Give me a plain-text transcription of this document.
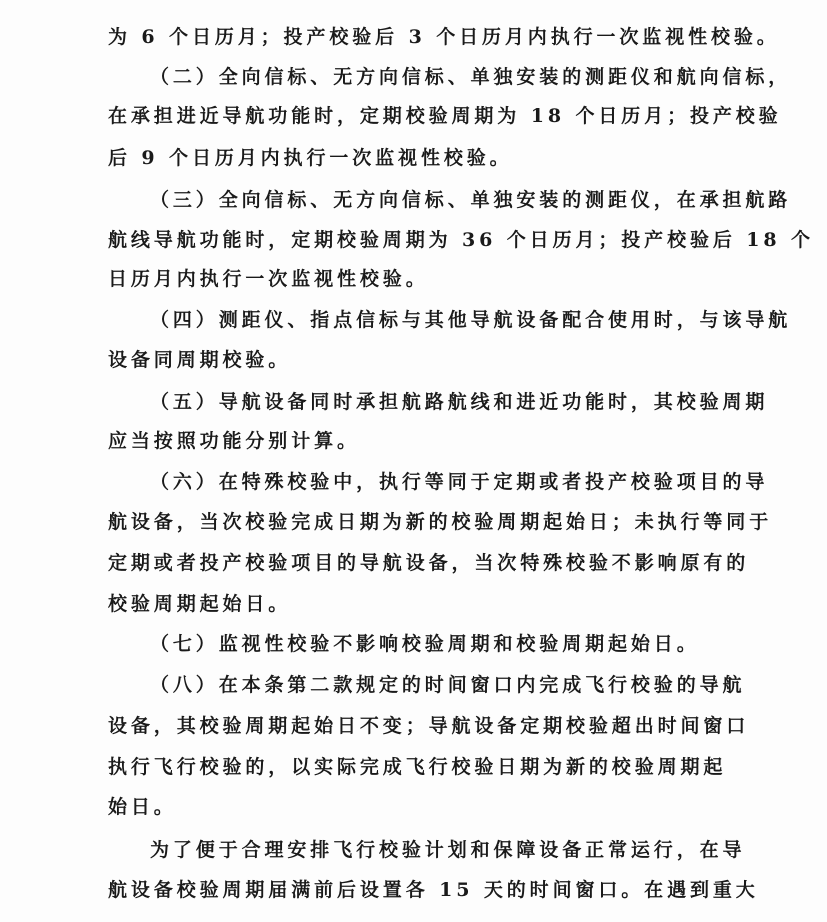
为 6 个日历月；投产校验后 3 个日历月内执行一次监视性校验。
（二）全向信标、无方向信标、单独安装的测距仪和航向信标，
在承担进近导航功能时，定期校验周期为 18 个日历月；投产校验
后 9 个日历月内执行一次监视性校验。
（三）全向信标、无方向信标、单独安装的测距仪，在承担航路
航线导航功能时，定期校验周期为 36 个日历月；投产校验后 18 个
日历月内执行一次监视性校验。
（四）测距仪、指点信标与其他导航设备配合使用时，与该导航
设备同周期校验。
（五）导航设备同时承担航路航线和进近功能时，其校验周期
应当按照功能分别计算。
（六）在特殊校验中，执行等同于定期或者投产校验项目的导
航设备，当次校验完成日期为新的校验周期起始日；未执行等同于
定期或者投产校验项目的导航设备，当次特殊校验不影响原有的
校验周期起始日。
（七）监视性校验不影响校验周期和校验周期起始日。
（八）在本条第二款规定的时间窗口内完成飞行校验的导航
设备，其校验周期起始日不变；导航设备定期校验超出时间窗口
执行飞行校验的，以实际完成飞行校验日期为新的校验周期起
始日。
为了便于合理安排飞行校验计划和保障设备正常运行，在导
航设备校验周期届满前后设置各 15 天的时间窗口。在遇到重大
